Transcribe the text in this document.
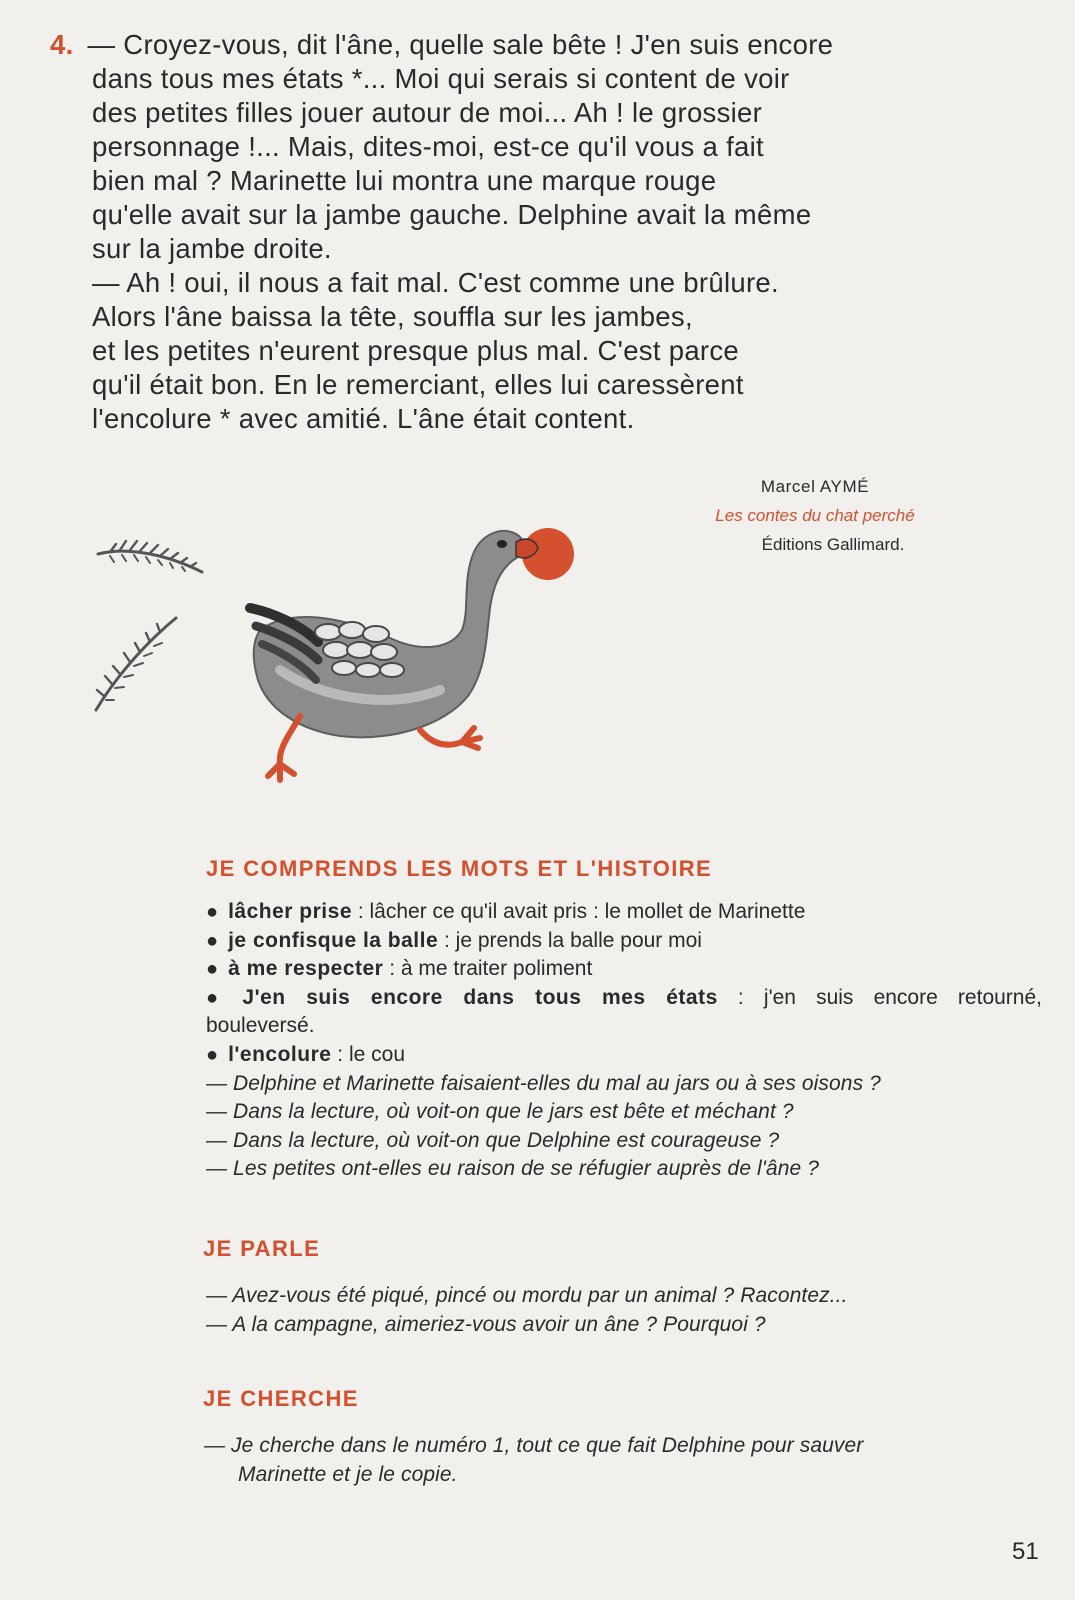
4. — Croyez-vous, dit l'âne, quelle sale bête ! J'en suis encore
dans tous mes états *... Moi qui serais si content de voir
des petites filles jouer autour de moi... Ah ! le grossier
personnage !... Mais, dites-moi, est-ce qu'il vous a fait
bien mal ? Marinette lui montra une marque rouge
qu'elle avait sur la jambe gauche. Delphine avait la même
sur la jambe droite.
— Ah ! oui, il nous a fait mal. C'est comme une brûlure.
Alors l'âne baissa la tête, souffla sur les jambes,
et les petites n'eurent presque plus mal. C'est parce
qu'il était bon. En le remerciant, elles lui caressèrent
l'encolure * avec amitié. L'âne était content.
Marcel AYMÉ
Les contes du chat perché
Éditions Gallimard.
JE COMPRENDS LES MOTS ET L'HISTOIRE
● lâcher prise : lâcher ce qu'il avait pris : le mollet de Marinette
● je confisque la balle : je prends la balle pour moi
● à me respecter : à me traiter poliment
● J'en suis encore dans tous mes états : j'en suis encore retourné,
bouleversé.
● l'encolure : le cou
— Delphine et Marinette faisaient-elles du mal au jars ou à ses oisons ?
— Dans la lecture, où voit-on que le jars est bête et méchant ?
— Dans la lecture, où voit-on que Delphine est courageuse ?
— Les petites ont-elles eu raison de se réfugier auprès de l'âne ?
JE PARLE
— Avez-vous été piqué, pincé ou mordu par un animal ? Racontez...
— A la campagne, aimeriez-vous avoir un âne ? Pourquoi ?
JE CHERCHE
— Je cherche dans le numéro 1, tout ce que fait Delphine pour sauver
Marinette et je le copie.
51
